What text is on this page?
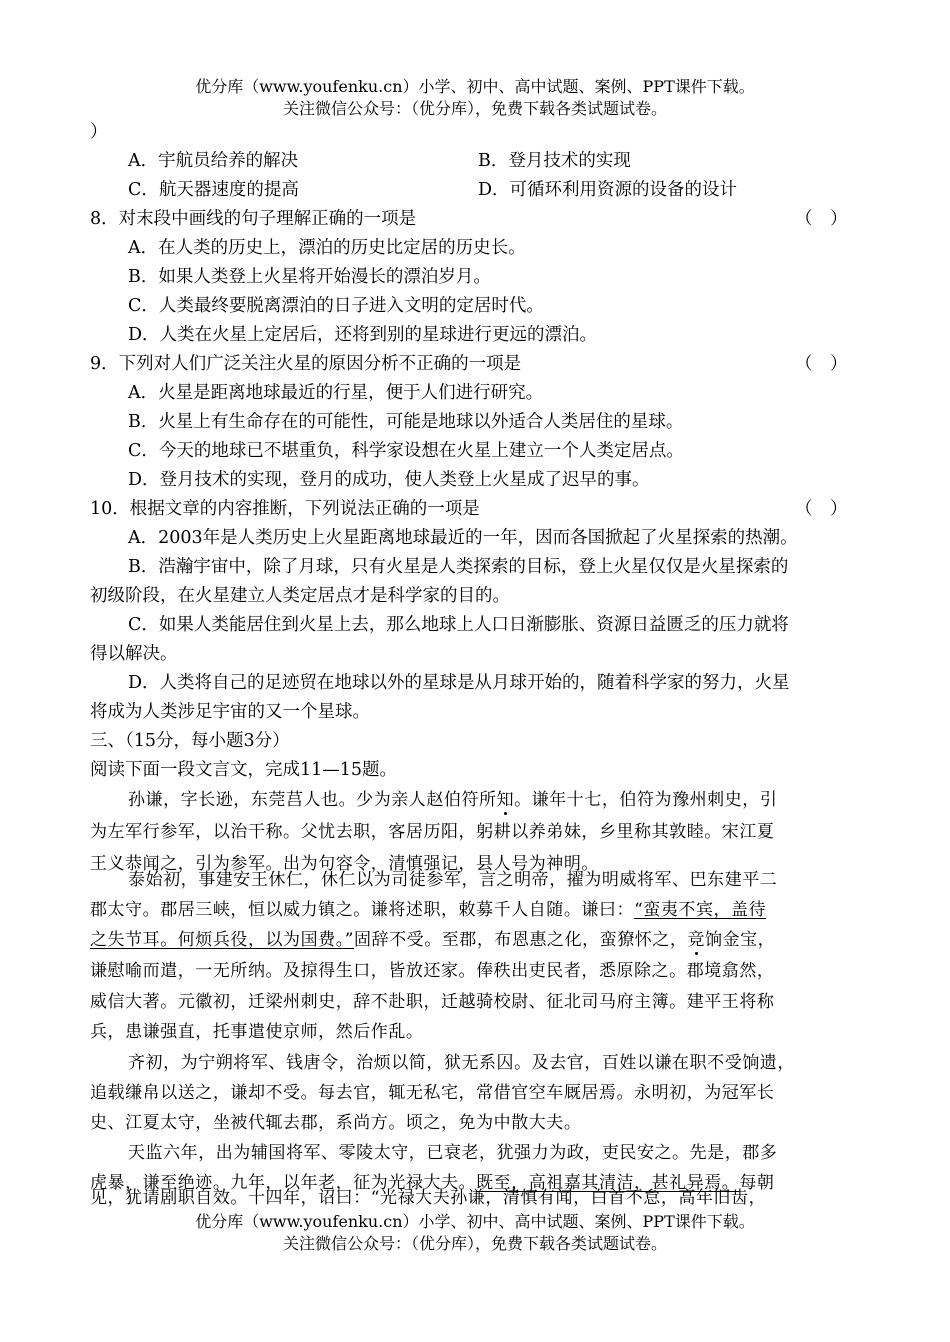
优分库（www.youfenku.cn）小学、初中、高中试题、案例、PPT课件下载。
关注微信公众号：（优分库），免费下载各类试题试卷。
）
A．宇航员给养的解决	B．登月技术的实现
C．航天器速度的提高	D．可循环利用资源的设备的设计
8．对末段中画线的句子理解正确的一项是	（　）
A．在人类的历史上，漂泊的历史比定居的历史长。
B．如果人类登上火星将开始漫长的漂泊岁月。
C．人类最终要脱离漂泊的日子进入文明的定居时代。
D．人类在火星上定居后，还将到别的星球进行更远的漂泊。
9．下列对人们广泛关注火星的原因分析不正确的一项是	（　）
A．火星是距离地球最近的行星，便于人们进行研究。
B．火星上有生命存在的可能性，可能是地球以外适合人类居住的星球。
C．今天的地球已不堪重负，科学家设想在火星上建立一个人类定居点。
D．登月技术的实现，登月的成功，使人类登上火星成了迟早的事。
10．根据文章的内容推断，下列说法正确的一项是	（　）
A．2003年是人类历史上火星距离地球最近的一年，因而各国掀起了火星探索的热潮。
B．浩瀚宇宙中，除了月球，只有火星是人类探索的目标，登上火星仅仅是火星探索的
初级阶段，在火星建立人类定居点才是科学家的目的。
C．如果人类能居住到火星上去，那么地球上人口日渐膨胀、资源日益匮乏的压力就将
得以解决。
D．人类将自己的足迹贸在地球以外的星球是从月球开始的，随着科学家的努力，火星
将成为人类涉足宇宙的又一个星球。
三、（15分，每小题3分）
阅读下面一段文言文，完成11—15题。
孙谦，字长逊，东莞莒人也。少为亲人赵伯符所知。谦年十七，伯符为豫州刺史，引
为左军行参军，以治干称。父忧去职，客居历阳，躬耕以养弟妹，乡里称其敦睦。宋江夏
王义恭闻之，引为参军。出为句容令，清慎强记，县人号为神明。
泰始初，事建安王休仁，休仁以为司徒参军，言之明帝，擢为明威将军、巴东建平二
郡太守。郡居三峡，恒以威力镇之。谦将述职，敕募千人自随。谦曰：“蛮夷不宾，盖待
之失节耳。何烦兵役，以为国费。”固辞不受。至郡，布恩惠之化，蛮獠怀之，竞饷金宝，
谦慰喻而遣，一无所纳。及掠得生口，皆放还家。俸秩出吏民者，悉原除之。郡境翕然，
威信大著。元徽初，迁梁州刺史，辞不赴职，迁越骑校尉、征北司马府主簿。建平王将称
兵，患谦强直，托事遣使京师，然后作乱。
齐初，为宁朔将军、钱唐令，治烦以简，狱无系囚。及去官，百姓以谦在职不受饷遗，
追载缣帛以送之，谦却不受。每去官，辄无私宅，常借官空车厩居焉。永明初，为冠军长
史、江夏太守，坐被代辄去郡，系尚方。顷之，免为中散大夫。
天监六年，出为辅国将军、零陵太守，已衰老，犹强力为政，吏民安之。先是，郡多
虎暴，谦至绝迹。九年，以年老，征为光禄大夫。既至，高祖嘉其清洁，甚礼异焉。每朝
见，犹请剧职自效。十四年，诏曰：“光禄大夫孙谦，清慎有闻，白首不怠，高年旧齿，
优分库（www.youfenku.cn）小学、初中、高中试题、案例、PPT课件下载。
关注微信公众号：（优分库），免费下载各类试题试卷。
